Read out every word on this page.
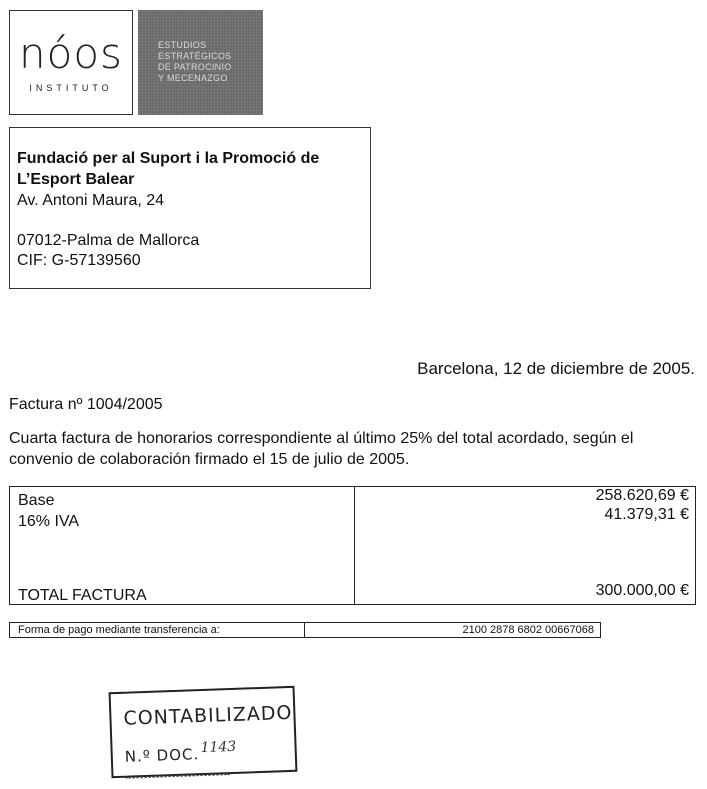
nóos
INSTITUTO
ESTUDIOS
ESTRATÉGICOS
DE PATROCINIO
Y MECENAZGO
Fundació per al Suport i la Promoció de L’Esport Balear
Av. Antoni Maura, 24
07012-Palma de Mallorca
CIF: G-57139560
Barcelona, 12 de diciembre de 2005.
Factura nº 1004/2005
Cuarta factura de honorarios correspondiente al último 25% del total acordado, según el convenio de colaboración firmado el 15 de julio de 2005.
Base	258.620,69 €
16% IVA	41.379,31 €
TOTAL FACTURA	300.000,00 €
Forma de pago mediante transferencia a:	2100 2878 6802 00667068
CONTABILIZADO
N.º DOC. 1143
